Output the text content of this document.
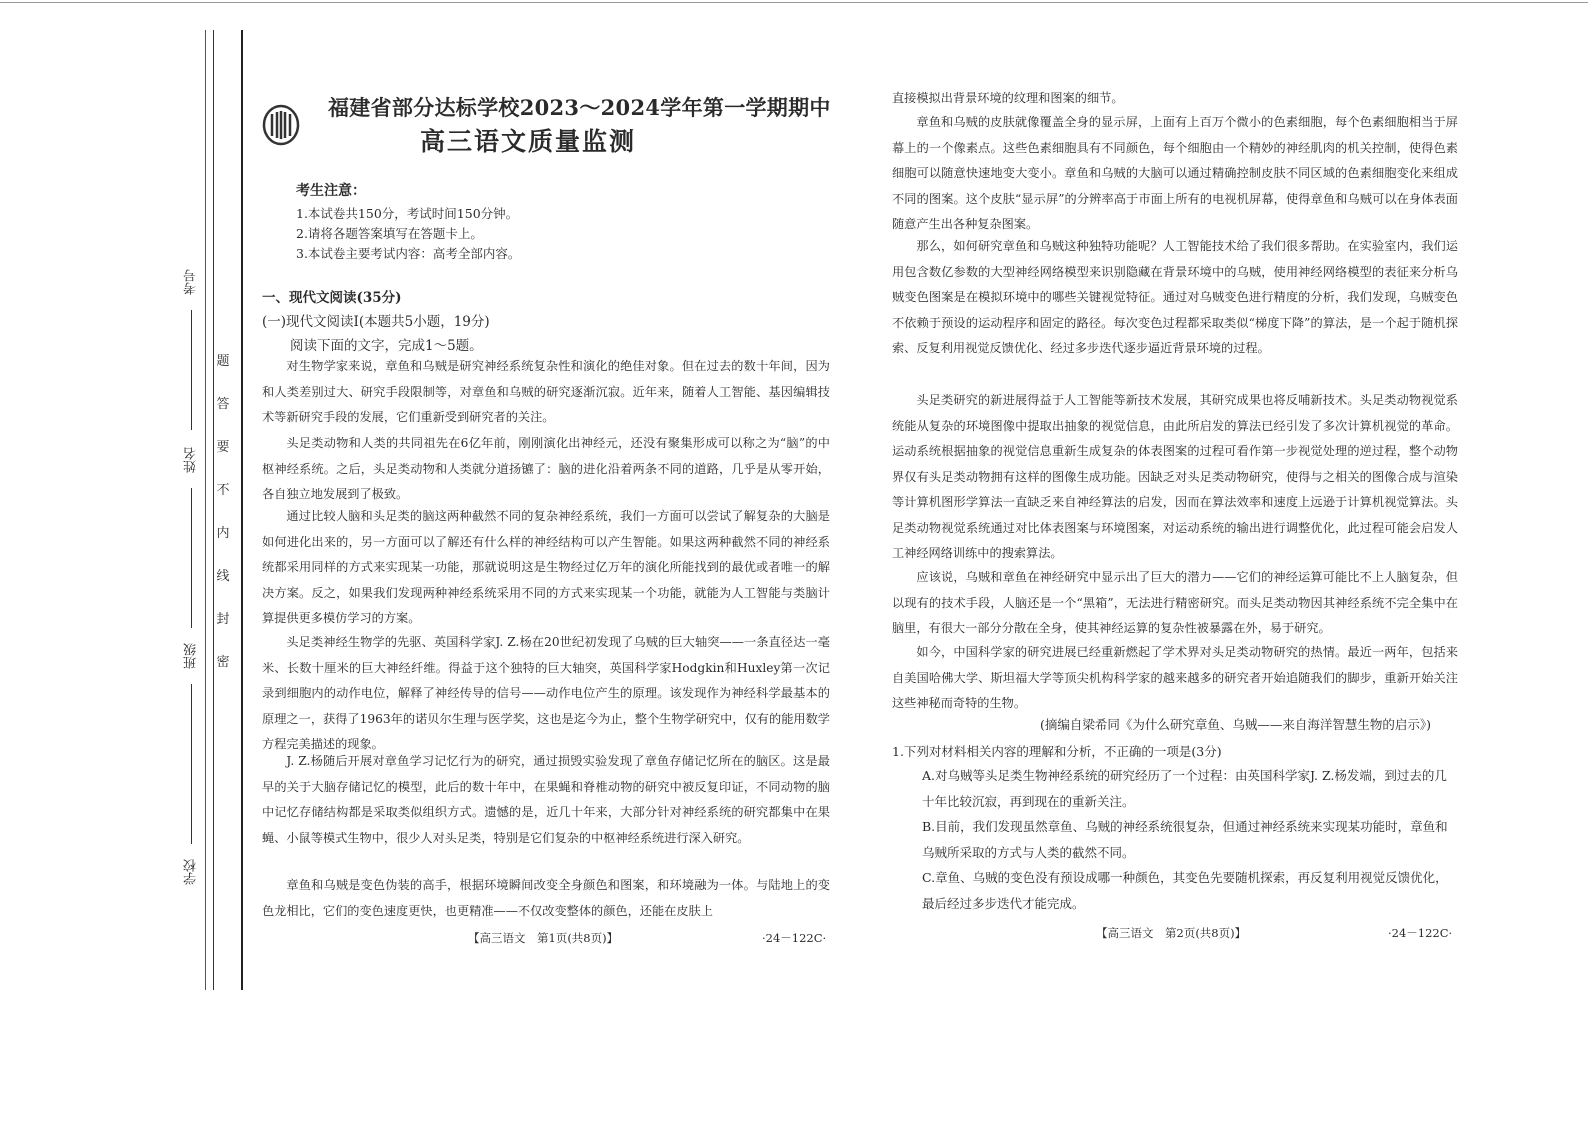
考号
姓名
班级
学校
题
答
要
不
内
线
封
密
福建省部分达标学校2023～2024学年第一学期期中
高三语文质量监测
考生注意：
1.本试卷共150分，考试时间150分钟。
2.请将各题答案填写在答题卡上。
3.本试卷主要考试内容：高考全部内容。
一、现代文阅读(35分)
(一)现代文阅读Ⅰ(本题共5小题，19分)
阅读下面的文字，完成1～5题。
对生物学家来说，章鱼和乌贼是研究神经系统复杂性和演化的绝佳对象。但在过去的数十年间，因为和人类差别过大、研究手段限制等，对章鱼和乌贼的研究逐渐沉寂。近年来，随着人工智能、基因编辑技术等新研究手段的发展，它们重新受到研究者的关注。
头足类动物和人类的共同祖先在6亿年前，刚刚演化出神经元，还没有聚集形成可以称之为“脑”的中枢神经系统。之后，头足类动物和人类就分道扬镳了：脑的进化沿着两条不同的道路，几乎是从零开始，各自独立地发展到了极致。
通过比较人脑和头足类的脑这两种截然不同的复杂神经系统，我们一方面可以尝试了解复杂的大脑是如何进化出来的，另一方面可以了解还有什么样的神经结构可以产生智能。如果这两种截然不同的神经系统都采用同样的方式来实现某一功能，那就说明这是生物经过亿万年的演化所能找到的最优或者唯一的解决方案。反之，如果我们发现两种神经系统采用不同的方式来实现某一个功能，就能为人工智能与类脑计算提供更多模仿学习的方案。
头足类神经生物学的先驱、英国科学家J. Z.杨在20世纪初发现了乌贼的巨大轴突——一条直径达一毫米、长数十厘米的巨大神经纤维。得益于这个独特的巨大轴突，英国科学家Hodgkin和Huxley第一次记录到细胞内的动作电位，解释了神经传导的信号——动作电位产生的原理。该发现作为神经科学最基本的原理之一，获得了1963年的诺贝尔生理与医学奖，这也是迄今为止，整个生物学研究中，仅有的能用数学方程完美描述的现象。
J. Z.杨随后开展对章鱼学习记忆行为的研究，通过损毁实验发现了章鱼存储记忆所在的脑区。这是最早的关于大脑存储记忆的模型，此后的数十年中，在果蝇和脊椎动物的研究中被反复印证，不同动物的脑中记忆存储结构都是采取类似组织方式。遗憾的是，近几十年来，大部分针对神经系统的研究都集中在果蝇、小鼠等模式生物中，很少人对头足类，特别是它们复杂的中枢神经系统进行深入研究。
章鱼和乌贼是变色伪装的高手，根据环境瞬间改变全身颜色和图案，和环境融为一体。与陆地上的变色龙相比，它们的变色速度更快，也更精准——不仅改变整体的颜色，还能在皮肤上
直接模拟出背景环境的纹理和图案的细节。
章鱼和乌贼的皮肤就像覆盖全身的显示屏，上面有上百万个微小的色素细胞，每个色素细胞相当于屏幕上的一个像素点。这些色素细胞具有不同颜色，每个细胞由一个精妙的神经肌肉的机关控制，使得色素细胞可以随意快速地变大变小。章鱼和乌贼的大脑可以通过精确控制皮肤不同区域的色素细胞变化来组成不同的图案。这个皮肤“显示屏”的分辨率高于市面上所有的电视机屏幕，使得章鱼和乌贼可以在身体表面随意产生出各种复杂图案。
那么，如何研究章鱼和乌贼这种独特功能呢？人工智能技术给了我们很多帮助。在实验室内，我们运用包含数亿参数的大型神经网络模型来识别隐藏在背景环境中的乌贼，使用神经网络模型的表征来分析乌贼变色图案是在模拟环境中的哪些关键视觉特征。通过对乌贼变色进行精度的分析，我们发现，乌贼变色不依赖于预设的运动程序和固定的路径。每次变色过程都采取类似“梯度下降”的算法，是一个起于随机探索、反复利用视觉反馈优化、经过多步迭代逐步逼近背景环境的过程。
头足类研究的新进展得益于人工智能等新技术发展，其研究成果也将反哺新技术。头足类动物视觉系统能从复杂的环境图像中提取出抽象的视觉信息，由此所启发的算法已经引发了多次计算机视觉的革命。运动系统根据抽象的视觉信息重新生成复杂的体表图案的过程可看作第一步视觉处理的逆过程，整个动物界仅有头足类动物拥有这样的图像生成功能。因缺乏对头足类动物研究，使得与之相关的图像合成与渲染等计算机图形学算法一直缺乏来自神经算法的启发，因而在算法效率和速度上远逊于计算机视觉算法。头足类动物视觉系统通过对比体表图案与环境图案，对运动系统的输出进行调整优化，此过程可能会启发人工神经网络训练中的搜索算法。
应该说，乌贼和章鱼在神经研究中显示出了巨大的潜力——它们的神经运算可能比不上人脑复杂，但以现有的技术手段，人脑还是一个“黑箱”，无法进行精密研究。而头足类动物因其神经系统不完全集中在脑里，有很大一部分分散在全身，使其神经运算的复杂性被暴露在外，易于研究。
如今，中国科学家的研究进展已经重新燃起了学术界对头足类动物研究的热情。最近一两年，包括来自美国哈佛大学、斯坦福大学等顶尖机构科学家的越来越多的研究者开始追随我们的脚步，重新开始关注这些神秘而奇特的生物。
(摘编自梁希同《为什么研究章鱼、乌贼——来自海洋智慧生物的启示》)
1.下列对材料相关内容的理解和分析，不正确的一项是(3分)
A.对乌贼等头足类生物神经系统的研究经历了一个过程：由英国科学家J. Z.杨发端，到过去的几十年比较沉寂，再到现在的重新关注。
B.目前，我们发现虽然章鱼、乌贼的神经系统很复杂，但通过神经系统来实现某功能时，章鱼和乌贼所采取的方式与人类的截然不同。
C.章鱼、乌贼的变色没有预设成哪一种颜色，其变色先要随机探索，再反复利用视觉反馈优化，最后经过多步迭代才能完成。
【高三语文　第1页(共8页)】	·24－122C·	【高三语文　第2页(共8页)】	·24－122C·
